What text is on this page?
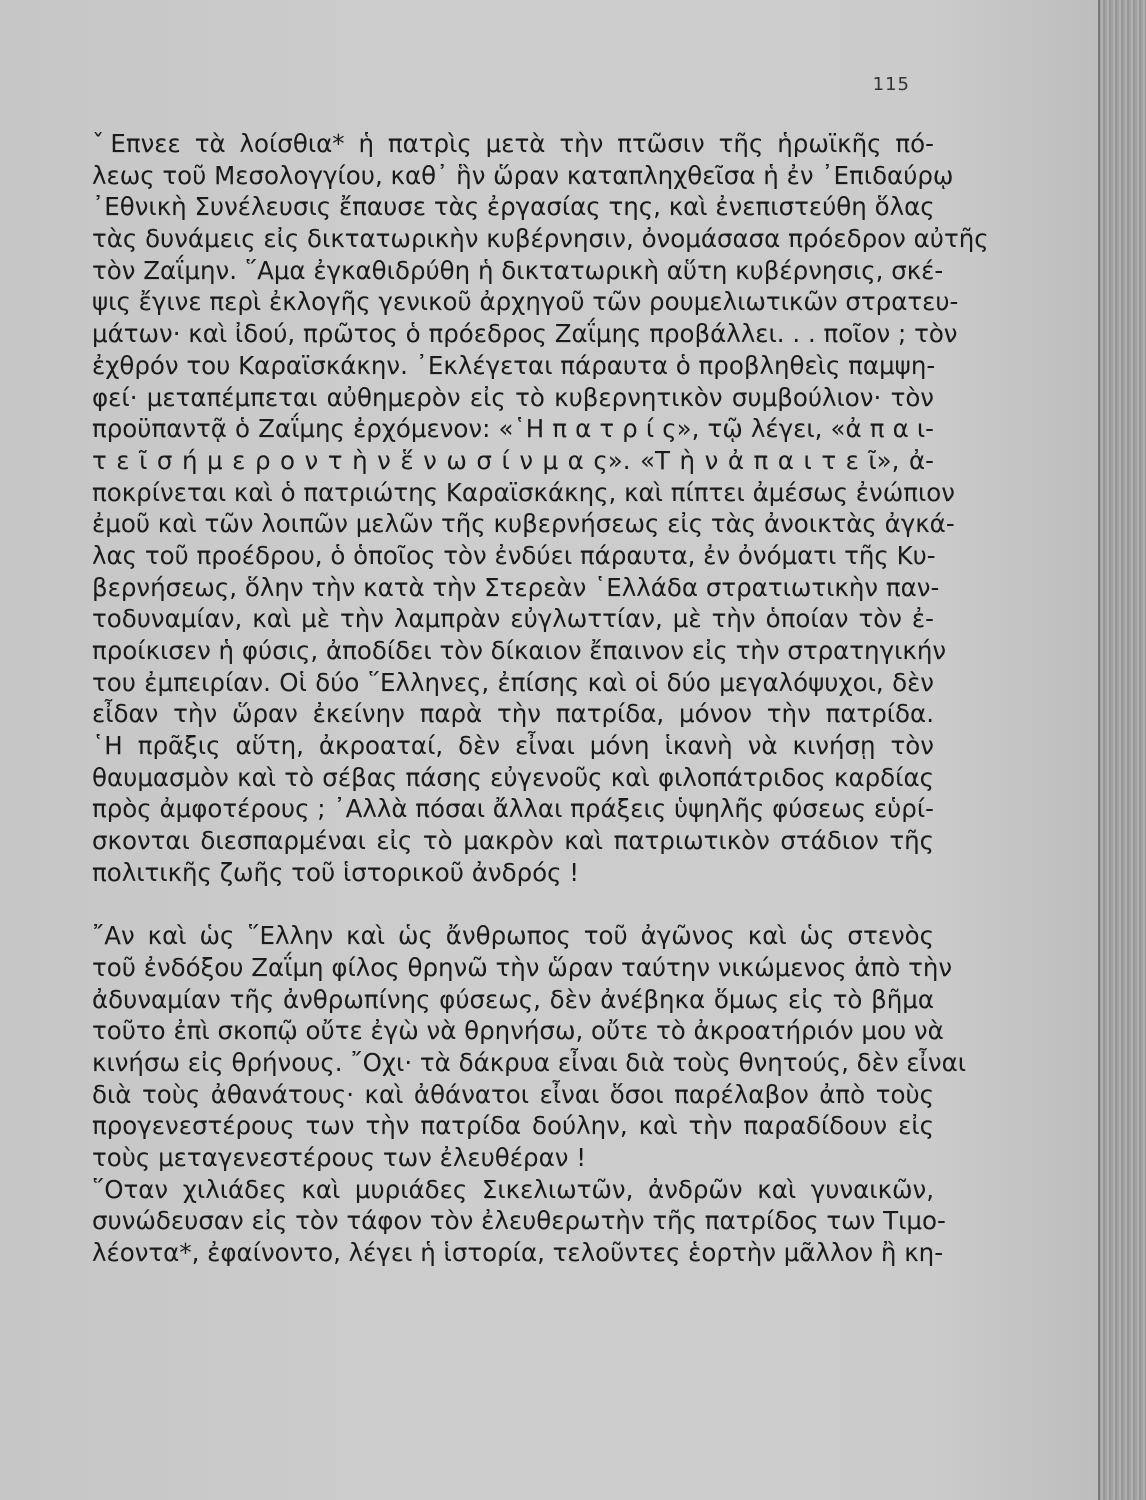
115
ˇΕπνεε τὰ λοίσθια* ἡ πατρὶς μετὰ τὴν πτῶσιν τῆς ἡρωϊκῆς πό-
λεως τοῦ Μεσολογγίου, καθ᾽ ἣν ὥραν καταπληχθεῖσα ἡ ἐν ᾽Επιδαύρῳ
᾽Εθνικὴ Συνέλευσις ἔπαυσε τὰς ἐργασίας της, καὶ ἐνεπιστεύθη ὅλας
τὰς δυνάμεις εἰς δικτατωρικὴν κυβέρνησιν, ὀνομάσασα πρόεδρον αὐτῆς
τὸν Ζαΐμην. ῞Αμα ἐγκαθιδρύθη ἡ δικτατωρικὴ αὕτη κυβέρνησις, σκέ-
ψις ἔγινε περὶ ἐκλογῆς γενικοῦ ἀρχηγοῦ τῶν ρουμελιωτικῶν στρατευ-
μάτων· καὶ ἰδού, πρῶτος ὁ πρόεδρος Ζαΐμης προβάλλει. . . ποῖον ; τὸν
ἐχθρόν του Καραϊσκάκην. ᾽Εκλέγεται πάραυτα ὁ προβληθεὶς παμψη-
φεί· μεταπέμπεται αὐθημερὸν εἰς τὸ κυβερνητικὸν συμβούλιον· τὸν
προϋπαντᾷ ὁ Ζαΐμης ἐρχόμενον: «῾Η π α τ ρ ί ς», τῷ λέγει, «ἀ π α ι-
τ ε ῖ σ ή μ ε ρ ο ν τ ὴ ν ἕ ν ω σ ί ν μ α ς». «Τ ὴ ν ἀ π α ι τ ε ῖ», ἀ-
ποκρίνεται καὶ ὁ πατριώτης Καραϊσκάκης, καὶ πίπτει ἀμέσως ἐνώπιον
ἐμοῦ καὶ τῶν λοιπῶν μελῶν τῆς κυβερνήσεως εἰς τὰς ἀνοικτὰς ἀγκά-
λας τοῦ προέδρου, ὁ ὁποῖος τὸν ἐνδύει πάραυτα, ἐν ὀνόματι τῆς Κυ-
βερνήσεως, ὅλην τὴν κατὰ τὴν Στερεὰν ῾Ελλάδα στρατιωτικὴν παν-
τοδυναμίαν, καὶ μὲ τὴν λαμπρὰν εὐγλωττίαν, μὲ τὴν ὁποίαν τὸν ἐ-
προίκισεν ἡ φύσις, ἀποδίδει τὸν δίκαιον ἔπαινον εἰς τὴν στρατηγικήν
του ἐμπειρίαν. Οἱ δύο ῞Ελληνες, ἐπίσης καὶ οἱ δύο μεγαλόψυχοι, δὲν
εἶδαν τὴν ὥραν ἐκείνην παρὰ τὴν πατρίδα, μόνον τὴν πατρίδα.
῾Η πρᾶξις αὕτη, ἀκροαταί, δὲν εἶναι μόνη ἱκανὴ νὰ κινήσῃ τὸν
θαυμασμὸν καὶ τὸ σέβας πάσης εὐγενοῦς καὶ φιλοπάτριδος καρδίας
πρὸς ἀμφοτέρους ; ᾽Αλλὰ πόσαι ἄλλαι πράξεις ὑψηλῆς φύσεως εὑρί-
σκονται διεσπαρμέναι εἰς τὸ μακρὸν καὶ πατριωτικὸν στάδιον τῆς
πολιτικῆς ζωῆς τοῦ ἱστορικοῦ ἀνδρός !
῎Αν καὶ ὡς ῞Ελλην καὶ ὡς ἄνθρωπος τοῦ ἀγῶνος καὶ ὡς στενὸς
τοῦ ἐνδόξου Ζαΐμη φίλος θρηνῶ τὴν ὥραν ταύτην νικώμενος ἀπὸ τὴν
ἀδυναμίαν τῆς ἀνθρωπίνης φύσεως, δὲν ἀνέβηκα ὅμως εἰς τὸ βῆμα
τοῦτο ἐπὶ σκοπῷ οὔτε ἐγὼ νὰ θρηνήσω, οὔτε τὸ ἀκροατήριόν μου νὰ
κινήσω εἰς θρήνους. ῎Οχι· τὰ δάκρυα εἶναι διὰ τοὺς θνητούς, δὲν εἶναι
διὰ τοὺς ἀθανάτους· καὶ ἀθάνατοι εἶναι ὅσοι παρέλαβον ἀπὸ τοὺς
προγενεστέρους των τὴν πατρίδα δούλην, καὶ τὴν παραδίδουν εἰς
τοὺς μεταγενεστέρους των ἐλευθέραν !
῞Οταν χιλιάδες καὶ μυριάδες Σικελιωτῶν, ἀνδρῶν καὶ γυναικῶν,
συνώδευσαν εἰς τὸν τάφον τὸν ἐλευθερωτὴν τῆς πατρίδος των Τιμο-
λέοντα*, ἐφαίνοντο, λέγει ἡ ἱστορία, τελοῦντες ἑορτὴν μᾶλλον ἢ κη-
